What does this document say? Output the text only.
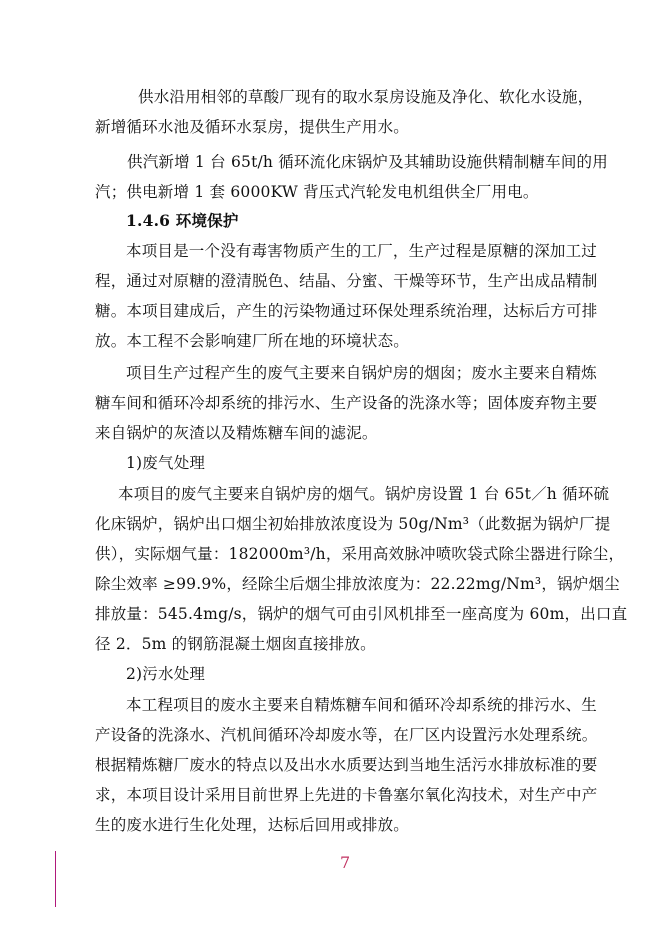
供水沿用相邻的草酸厂现有的取水泵房设施及净化、软化水设施，
新增循环水池及循环水泵房，提供生产用水。
供汽新增 1 台 65t/h 循环流化床锅炉及其辅助设施供精制糖车间的用
汽；供电新增 1 套 6000KW 背压式汽轮发电机组供全厂用电。
1.4.6 环境保护
本项目是一个没有毒害物质产生的工厂，生产过程是原糖的深加工过
程，通过对原糖的澄清脱色、结晶、分蜜、干燥等环节，生产出成品精制
糖。本项目建成后，产生的污染物通过环保处理系统治理，达标后方可排
放。本工程不会影响建厂所在地的环境状态。
项目生产过程产生的废气主要来自锅炉房的烟囱；废水主要来自精炼
糖车间和循环冷却系统的排污水、生产设备的洗涤水等；固体废弃物主要
来自锅炉的灰渣以及精炼糖车间的滤泥。
1)废气处理
本项目的废气主要来自锅炉房的烟气。锅炉房设置 1 台 65t／h 循环硫
化床锅炉，锅炉出口烟尘初始排放浓度设为 50g/Nm³（此数据为锅炉厂提
供），实际烟气量：182000m³/h，采用高效脉冲喷吹袋式除尘器进行除尘，
除尘效率 ≥99.9%，经除尘后烟尘排放浓度为：22.22mg/Nm³，锅炉烟尘
排放量：545.4mg/s，锅炉的烟气可由引风机排至一座高度为 60m，出口直
径 2．5m 的钢筋混凝土烟囱直接排放。
2)污水处理
本工程项目的废水主要来自精炼糖车间和循环冷却系统的排污水、生
产设备的洗涤水、汽机间循环冷却废水等，在厂区内设置污水处理系统。
根据精炼糖厂废水的特点以及出水水质要达到当地生活污水排放标准的要
求，本项目设计采用目前世界上先进的卡鲁塞尔氧化沟技术，对生产中产
生的废水进行生化处理，达标后回用或排放。
7
